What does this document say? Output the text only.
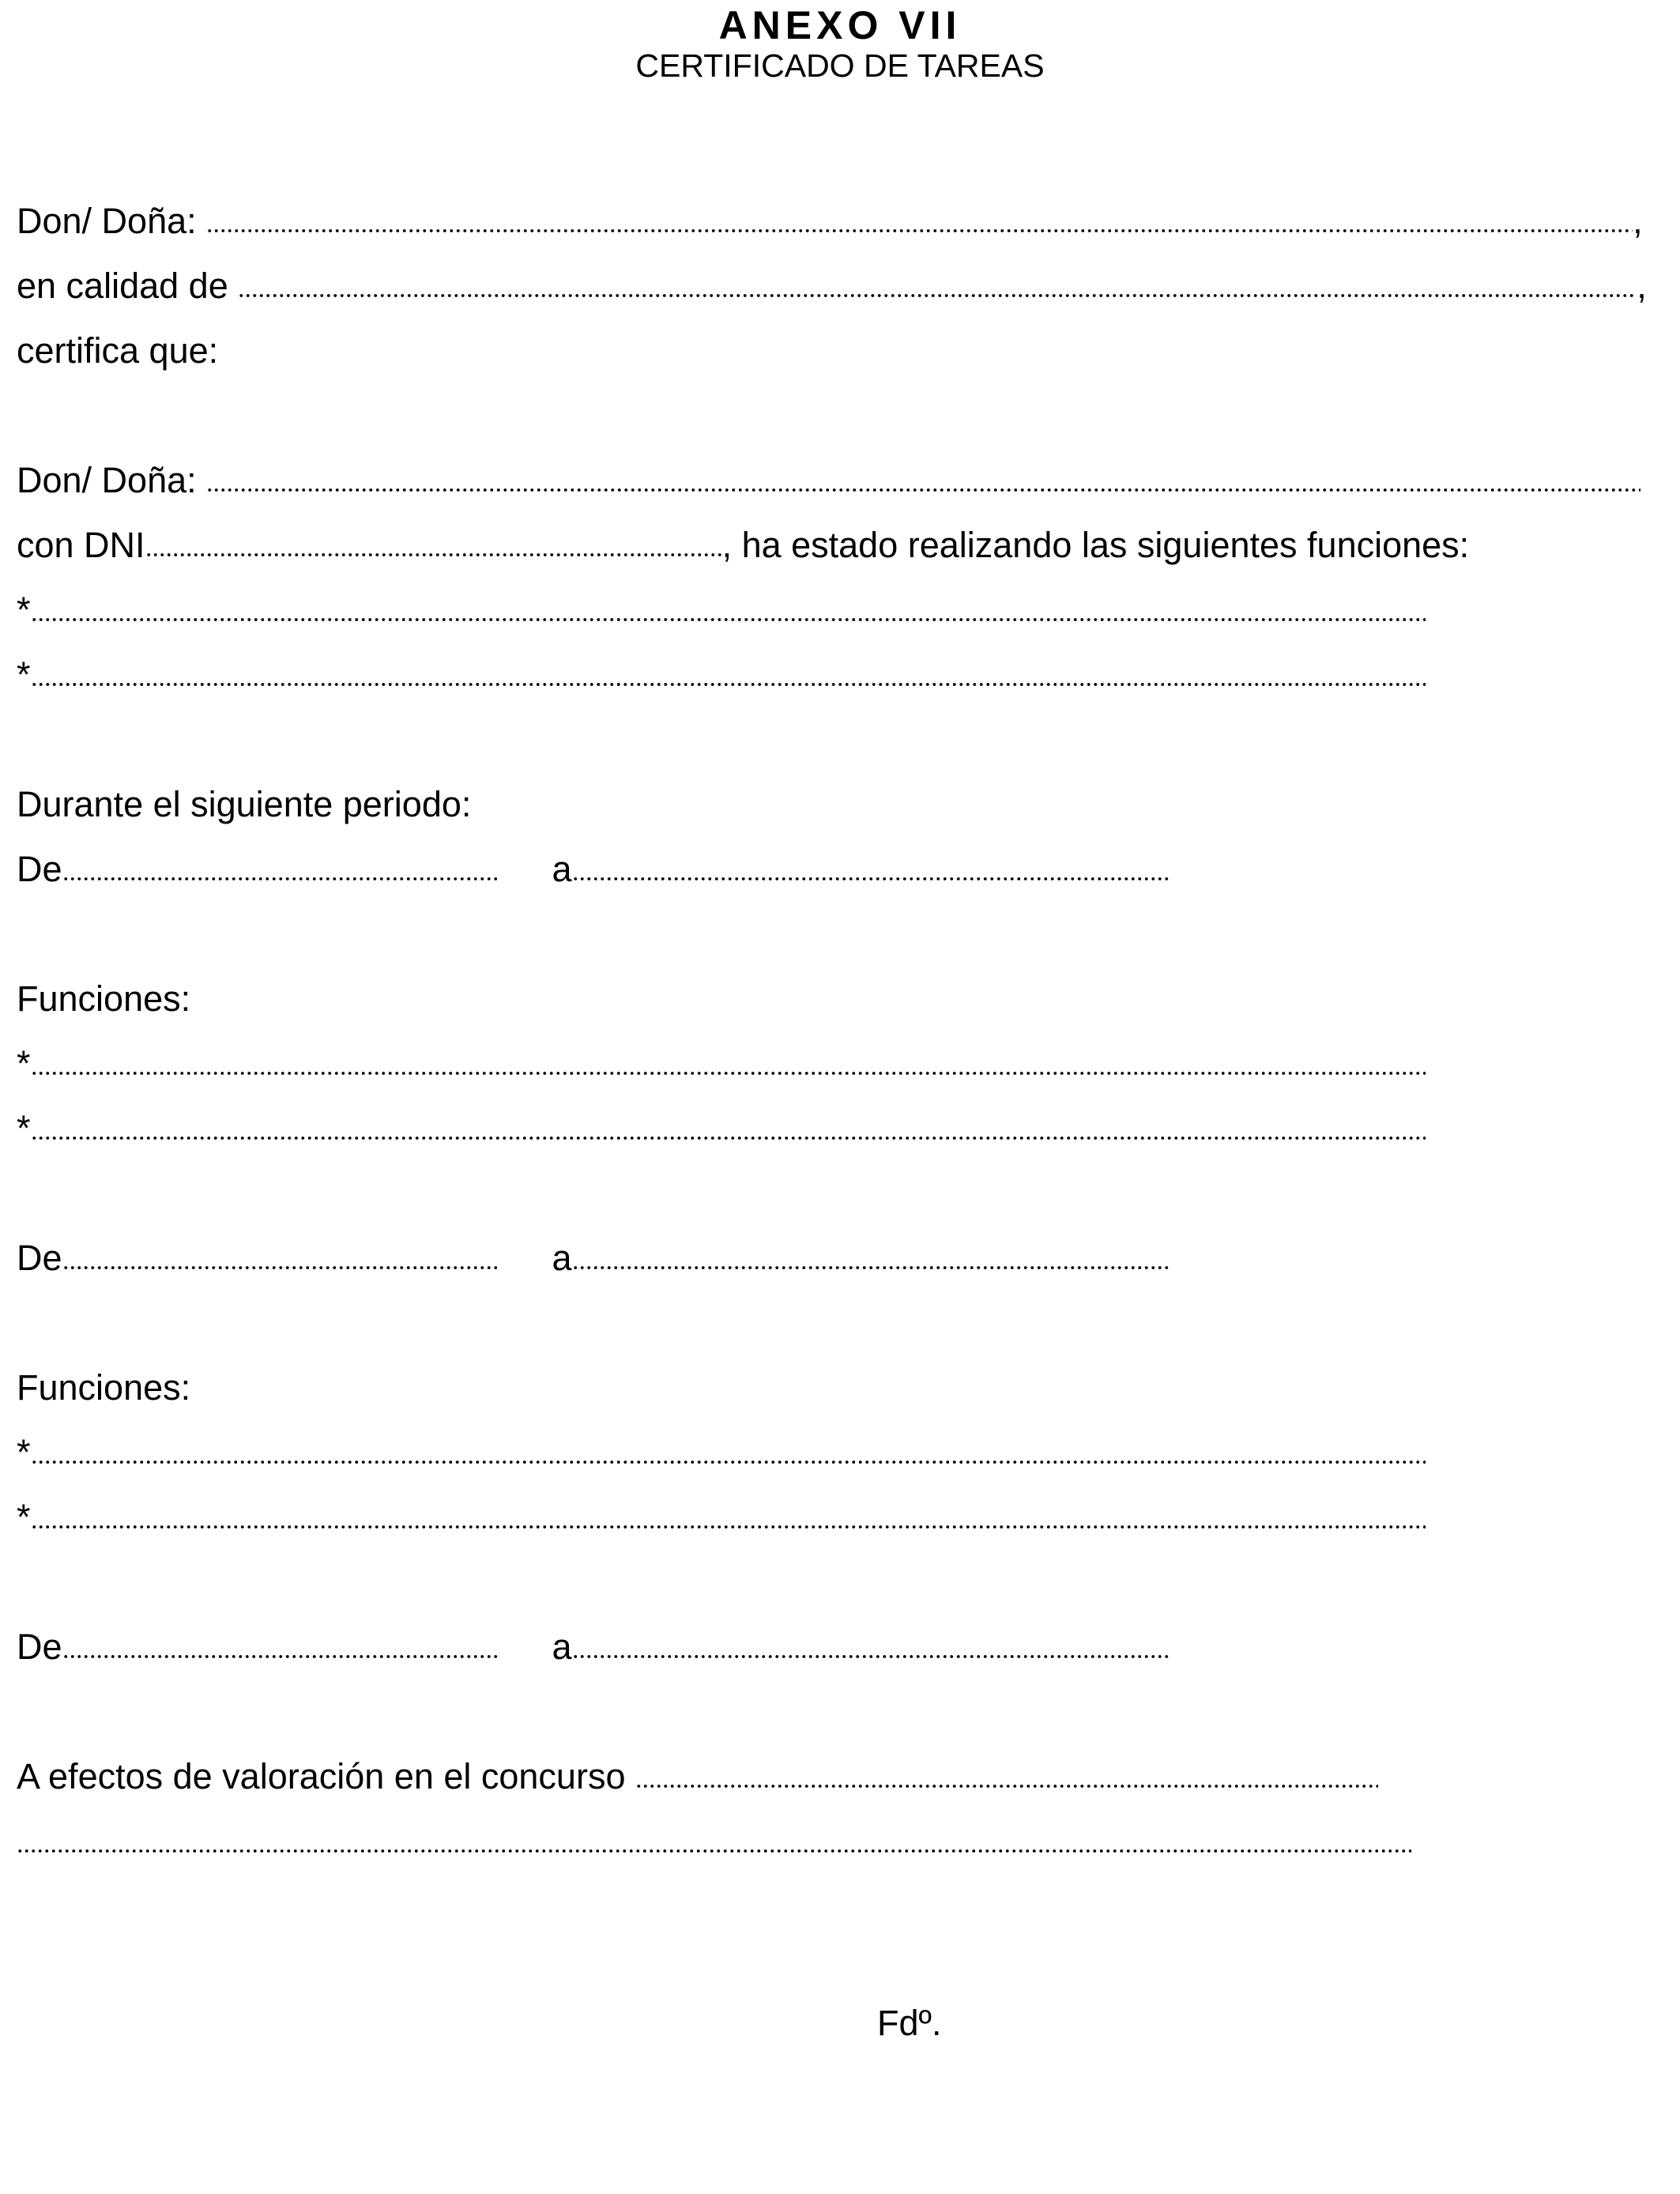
ANEXO VII
CERTIFICADO DE TAREAS
Don/ Doña:	,
en calidad de	,
certifica que:
Don/ Doña:
con DNI	, ha estado realizando las siguientes funciones:
*
*
Durante el siguiente periodo:
De	a
Funciones:
*
*
De	a
Funciones:
*
*
De	a
A efectos de valoración en el concurso
Fdº.
